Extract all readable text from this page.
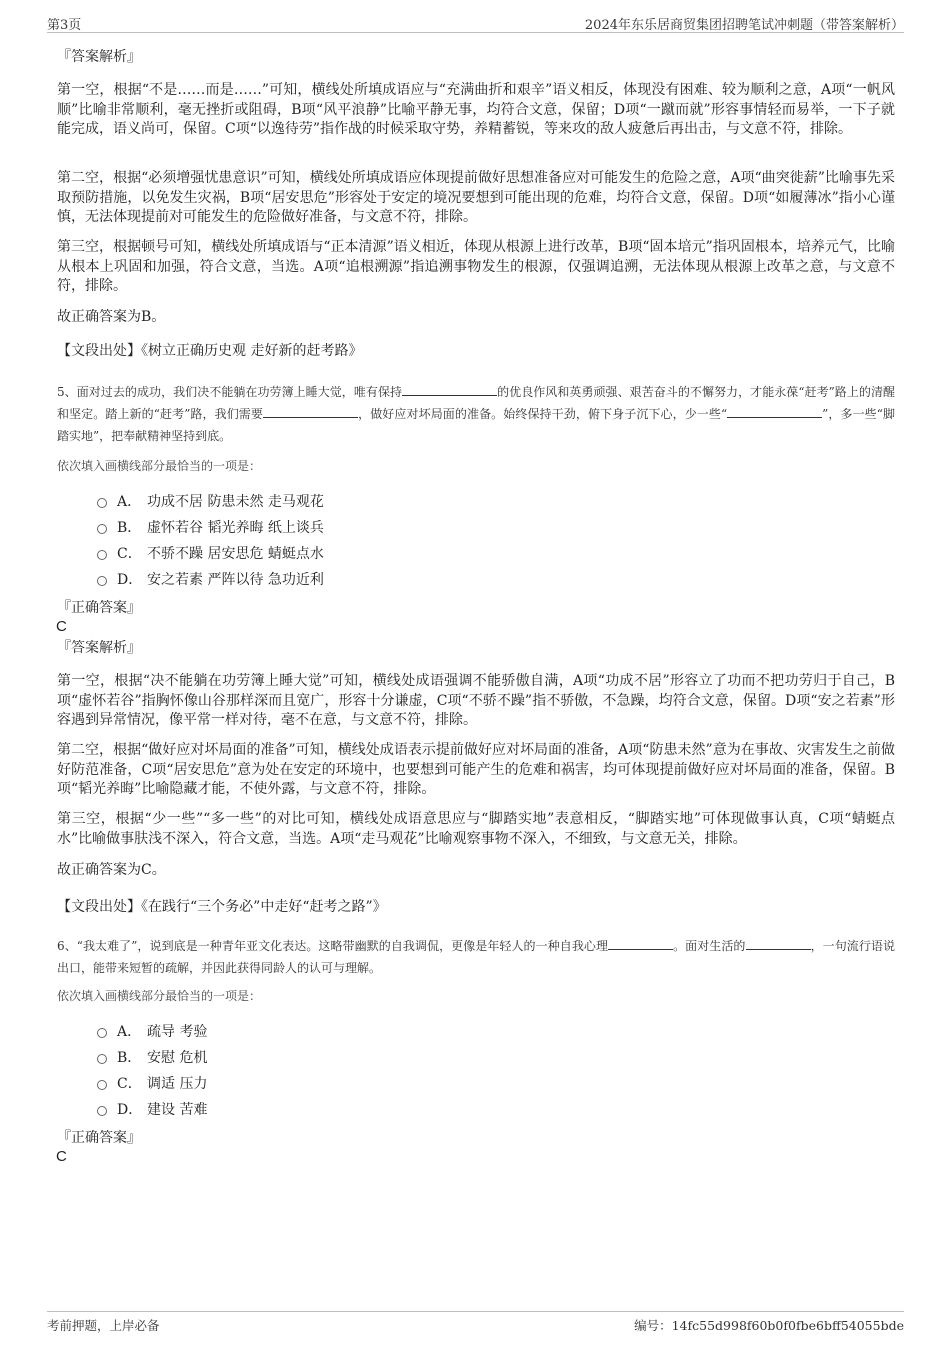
第3页	2024年东乐居商贸集团招聘笔试冲刺题（带答案解析）
『答案解析』

第一空，根据“不是……而是……”可知，横线处所填成语应与“充满曲折和艰辛”语义相反，体现没有困难、较为顺利之意，A项“一帆风顺”比喻非常顺利，毫无挫折或阻碍，B项“风平浪静”比喻平静无事，均符合文意，保留；D项“一蹴而就”形容事情轻而易举，一下子就能完成，语义尚可，保留。C项“以逸待劳”指作战的时候采取守势，养精蓄锐，等来攻的敌人疲惫后再出击，与文意不符，排除。

第二空，根据“必须增强忧患意识”可知，横线处所填成语应体现提前做好思想准备应对可能发生的危险之意，A项“曲突徙薪”比喻事先采取预防措施，以免发生灾祸，B项“居安思危”形容处于安定的境况要想到可能出现的危难，均符合文意，保留。D项“如履薄冰”指小心谨慎，无法体现提前对可能发生的危险做好准备，与文意不符，排除。

第三空，根据顿号可知，横线处所填成语与“正本清源”语义相近，体现从根源上进行改革，B项“固本培元”指巩固根本，培养元气，比喻从根本上巩固和加强，符合文意，当选。A项“追根溯源”指追溯事物发生的根源，仅强调追溯，无法体现从根源上改革之意，与文意不符，排除。

故正确答案为B。

【文段出处】《树立正确历史观 走好新的赶考路》

5、面对过去的成功，我们决不能躺在功劳簿上睡大觉，唯有保持	的优良作风和英勇顽强、艰苦奋斗的不懈努力，才能永葆“赶考”路上的清醒和坚定。踏上新的“赶考”路，我们需要	，做好应对坏局面的准备。始终保持干劲，俯下身子沉下心，少一些“	”，多一些“脚踏实地”，把奉献精神坚持到底。

依次填入画横线部分最恰当的一项是：
A． 功成不居 防患未然 走马观花
B． 虚怀若谷 韬光养晦 纸上谈兵
C． 不骄不躁 居安思危 蜻蜓点水
D． 安之若素 严阵以待 急功近利
『正确答案』
C
『答案解析』

第一空，根据“决不能躺在功劳簿上睡大觉”可知，横线处成语强调不能骄傲自满，A项“功成不居”形容立了功而不把功劳归于自己，B项“虚怀若谷”指胸怀像山谷那样深而且宽广，形容十分谦虚，C项“不骄不躁”指不骄傲，不急躁，均符合文意，保留。D项“安之若素”形容遇到异常情况，像平常一样对待，毫不在意，与文意不符，排除。

第二空，根据“做好应对坏局面的准备”可知，横线处成语表示提前做好应对坏局面的准备，A项“防患未然”意为在事故、灾害发生之前做好防范准备，C项“居安思危”意为处在安定的环境中，也要想到可能产生的危难和祸害，均可体现提前做好应对坏局面的准备，保留。B项“韬光养晦”比喻隐藏才能，不使外露，与文意不符，排除。

第三空，根据“少一些”“多一些”的对比可知，横线处成语意思应与“脚踏实地”表意相反，“脚踏实地”可体现做事认真，C项“蜻蜓点水”比喻做事肤浅不深入，符合文意，当选。A项“走马观花”比喻观察事物不深入，不细致，与文意无关，排除。

故正确答案为C。

【文段出处】《在践行“三个务必”中走好“赶考之路”》

6、“我太难了”，说到底是一种青年亚文化表达。这略带幽默的自我调侃，更像是年轻人的一种自我心理	。面对生活的	，一句流行语说出口，能带来短暂的疏解，并因此获得同龄人的认可与理解。

依次填入画横线部分最恰当的一项是：
A． 疏导 考验
B． 安慰 危机
C． 调适 压力
D． 建设 苦难
『正确答案』
C
考前押题，上岸必备	编号：14fc55d998f60b0f0fbe6bff54055bde
